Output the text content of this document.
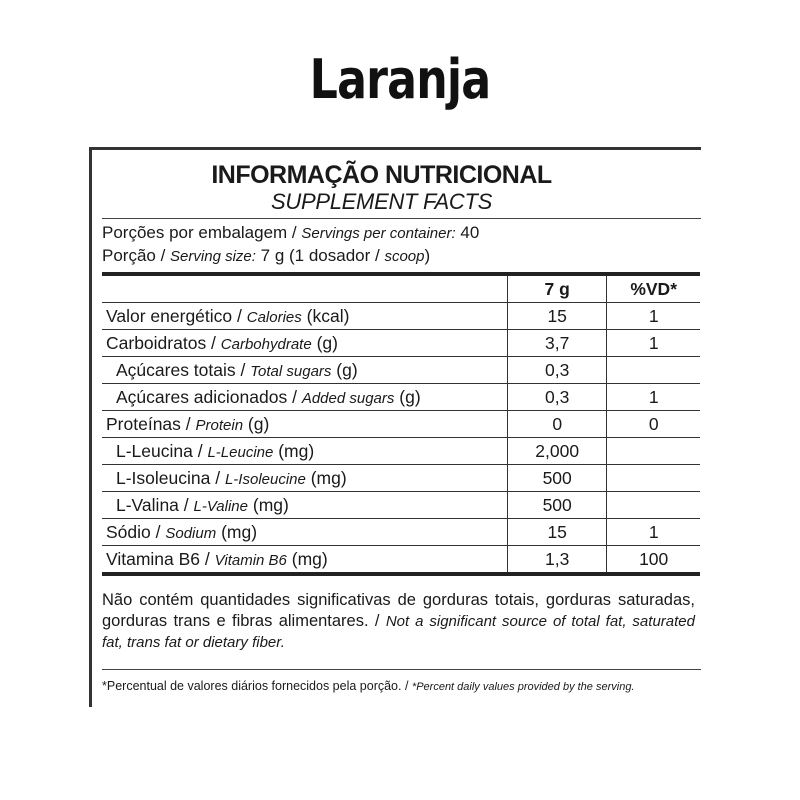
Laranja
INFORMAÇÃO NUTRICIONAL
SUPPLEMENT FACTS
Porções por embalagem / Servings per container: 40
Porção / Serving size: 7 g (1 dosador / scoop)
	7 g	%VD*
Valor energético / Calories (kcal)	15	1
Carboidratos / Carbohydrate (g)	3,7	1
Açúcares totais / Total sugars (g)	0,3	
Açúcares adicionados / Added sugars (g)	0,3	1
Proteínas / Protein (g)	0	0
L-Leucina / L-Leucine (mg)	2,000	
L-Isoleucina / L-Isoleucine (mg)	500	
L-Valina / L-Valine (mg)	500	
Sódio / Sodium (mg)	15	1
Vitamina B6 / Vitamin B6 (mg)	1,3	100
Não contém quantidades significativas de gorduras totais, gorduras saturadas, gorduras trans e fibras alimentares. / Not a significant source of total fat, saturated fat, trans fat or dietary fiber.
*Percentual de valores diários fornecidos pela porção. / *Percent daily values provided by the serving.
